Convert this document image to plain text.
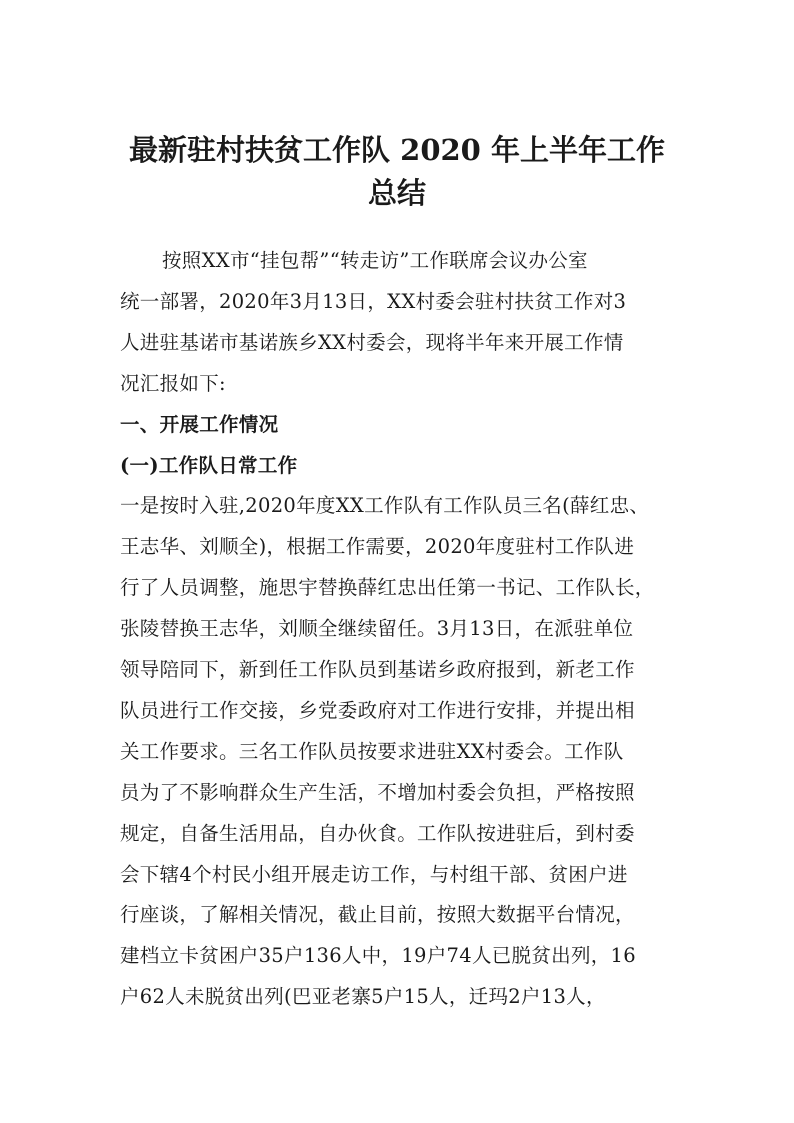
最新驻村扶贫工作队 2020 年上半年工作
总结
按照XX市“挂包帮”“转走访”工作联席会议办公室
统一部署，2020年3月13日，XX村委会驻村扶贫工作对3
人进驻基诺市基诺族乡XX村委会，现将半年来开展工作情
况汇报如下:
一、开展工作情况
(一)工作队日常工作
一是按时入驻,2020年度XX工作队有工作队员三名(薛红忠、
王志华、刘顺全)，根据工作需要，2020年度驻村工作队进
行了人员调整，施思宇替换薛红忠出任第一书记、工作队长，
张陵替换王志华，刘顺全继续留任。3月13日，在派驻单位
领导陪同下，新到任工作队员到基诺乡政府报到，新老工作
队员进行工作交接，乡党委政府对工作进行安排，并提出相
关工作要求。三名工作队员按要求进驻XX村委会。工作队
员为了不影响群众生产生活，不增加村委会负担，严格按照
规定，自备生活用品，自办伙食。工作队按进驻后，到村委
会下辖4个村民小组开展走访工作，与村组干部、贫困户进
行座谈，了解相关情况，截止目前，按照大数据平台情况，
建档立卡贫困户35户136人中，19户74人已脱贫出列，16
户62人未脱贫出列(巴亚老寨5户15人，迁玛2户13人，
